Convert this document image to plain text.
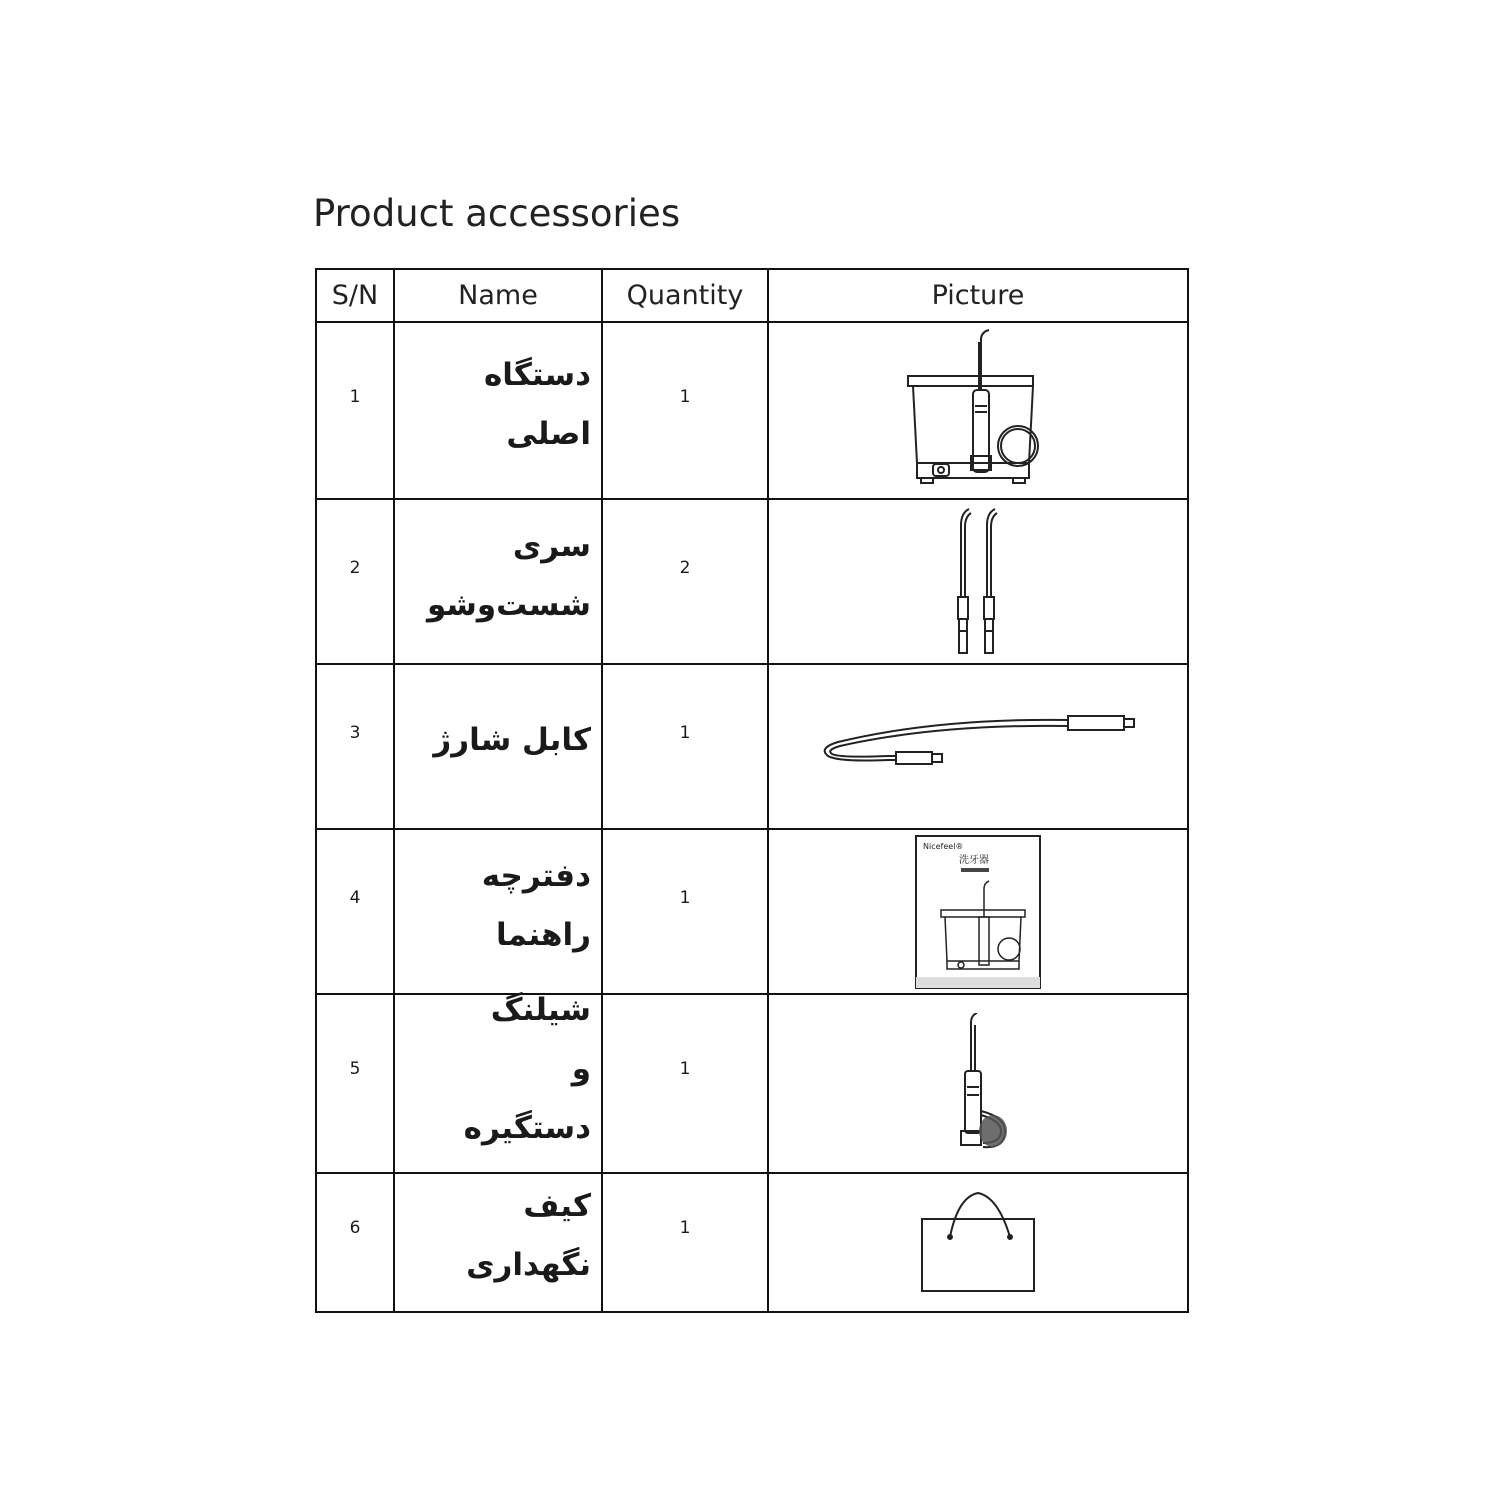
Product accessories
S/N	Name	Quantity	Picture
1	دستگاه اصلی	1	

2	سری شست‌وشو	2	

3	کابل شارژ	1	

4	دفترچه راهنما	1	Nicefeel®
洗牙器

5	شیلنگ و دستگیره	1	

6	کیف نگهداری	1	
